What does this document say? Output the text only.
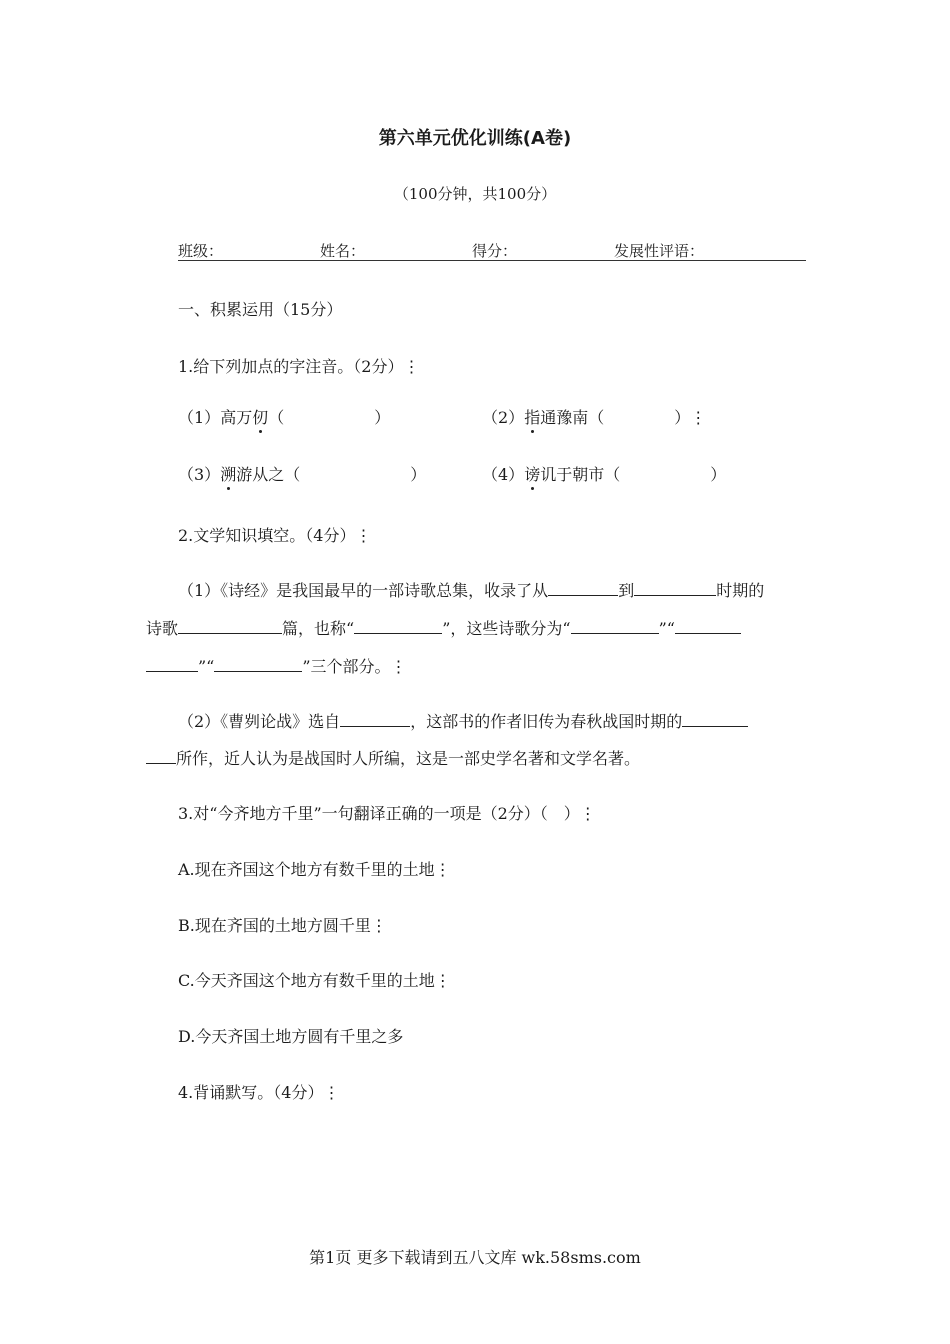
第六单元优化训练(A卷)
（100分钟，共100分）
班级：	姓名：	得分：	发展性评语：
一、积累运用（15分）
1.给下列加点的字注音。（2分）⋮
（1）高万仞（	）	（2）指通豫南（	）⋮
（3）溯游从之（	）	（4）谤讥于朝市（	）
2.文学知识填空。（4分）⋮
（1）《诗经》是我国最早的一部诗歌总集，收录了从	到	时期的
诗歌	篇，也称“	”，这些诗歌分为“	”“
”“	”三个部分。⋮
（2）《曹刿论战》选自	，这部书的作者旧传为春秋战国时期的
所作，近人认为是战国时人所编，这是一部史学名著和文学名著。
3.对“今齐地方千里”一句翻译正确的一项是（2分）（　）⋮
A.现在齐国这个地方有数千里的土地⋮
B.现在齐国的土地方圆千里⋮
C.今天齐国这个地方有数千里的土地⋮
D.今天齐国土地方圆有千里之多
4.背诵默写。（4分）⋮
第1页 更多下载请到五八文库 wk.58sms.com
